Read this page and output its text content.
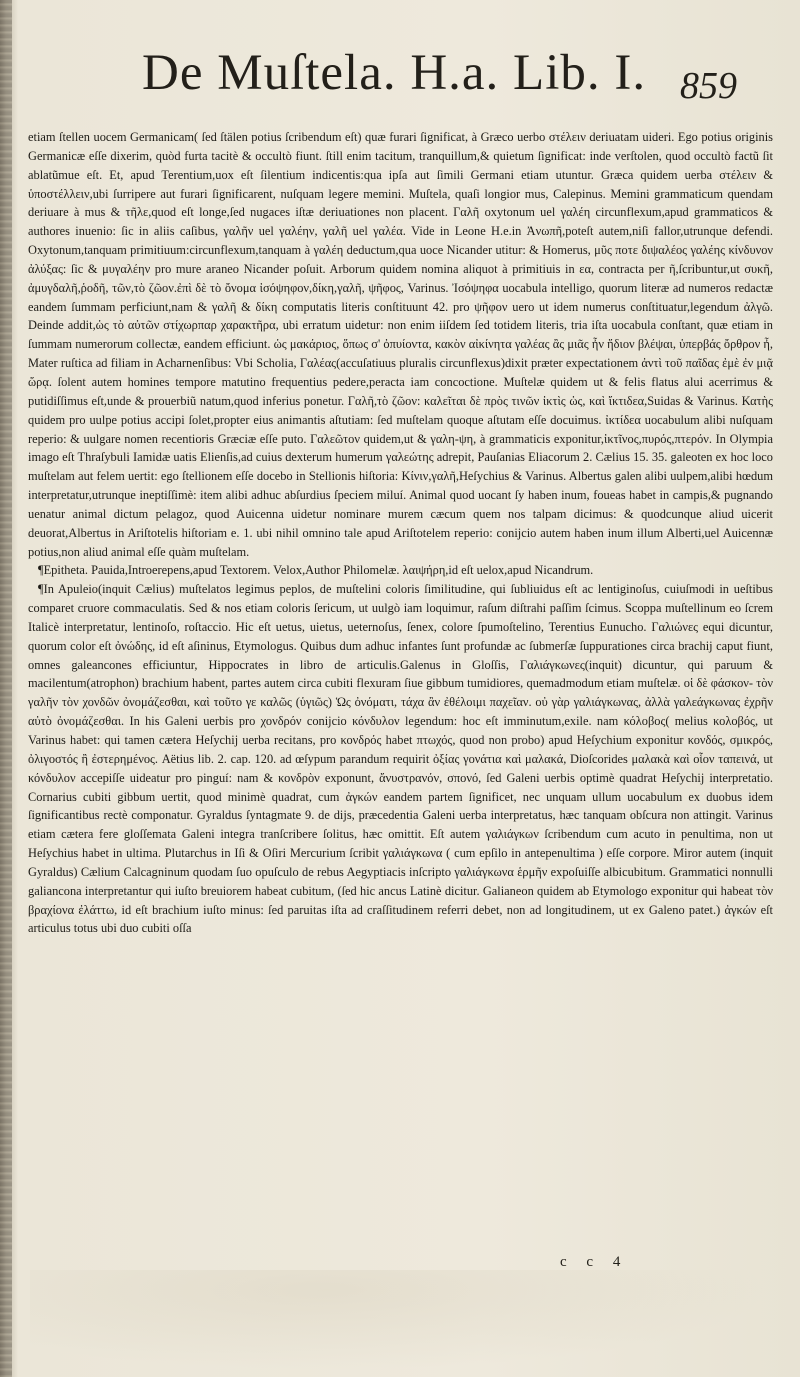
De Muſtela. H.a. Lib. I. 859

etiam ſtellen uocem Germanicam( ſed ſtälen potius ſcribendum eſt) quæ furari ſignificat, à Græco uerbo στέλειν deriuatam uideri. Ego potius originis Germanicæ eſſe dixerim, quòd furta tacitè & occultò fiunt. ſtill enim tacitum, tranquillum,& quietum ſignificat: inde verſtolen, quod occultò factũ ſit ablatũmue eſt. Et, apud Terentium,uox eſt ſilentium indicentis:qua ipſa aut ſimili Germani etiam utuntur. Græca quidem uerba στέλειν & ὑποστέλλειν,ubi ſurripere aut furari ſignificarent, nuſquam legere memini. Muſtela, quaſi longior mus, Calepinus. Memini grammaticum quendam deriuare à mus & τῆλε,quod eſt longe,ſed nugaces iſtæ deriuationes non placent. Γαλῆ oxytonum uel γαλέη circunflexum,apud grammaticos & authores inuenio: ſic in aliis caſibus, γαλῆν uel γαλέην, γαλῆ uel γαλέα. Vide in Leone H.e.in Ἀνωπῆ,poteſt autem,niſi fallor,utrunque defendi. Oxytonum,tanquam primitiuum:circunflexum,tanquam à γαλέη deductum,qua uoce Nicander utitur: & Homerus, μῦς ποτε διψαλέος γαλέης κίνδυνον ἀλύξας: ſic & μυγαλέην pro mure araneo Nicander poſuit. Arborum quidem nomina aliquot à primitiuis in εα, contracta per ῆ,ſcribuntur,ut συκῆ, ἀμυγδαλῆ,ῥοδῆ, τῶν,τὸ ζῶον.ἐπὶ δὲ τὸ ὄνομα ἰσόψηφον,δίκη,γαλῆ, ψῆφος, Varinus. Ἰσόψηφα uocabula intelligo, quorum literæ ad numeros redactæ eandem ſummam perficiunt,nam & γαλῆ & δίκη computatis literis conſtituunt 42. pro ψῆφον uero ut idem numerus conſtituatur,legendum ἀλγῶ. Deinde addit,ὡς τὸ αὐτῶν στίχωρπαρ χαρακτῆρα, ubi erratum uidetur: non enim iiſdem ſed totidem literis, tria iſta uocabula conſtant, quæ etiam in ſummam numerorum collectæ, eandem efficiunt. ὡς μακάριος, ὅπως σ' ὀπυίοντα, κακὸν αἰκίνητα γαλέας ἂς μιᾶς ἦν ἥδιον βλέψαι, ὑπερβάς ὄρθρον ἦ, Mater ruſtica ad filiam in Acharnenſibus: Vbi Scholia, Γαλέας(accuſatiuus pluralis circunflexus)dixit præter expectationem ἀντὶ τοῦ παῖδας ἐμὲ ἐν μιᾷ ὥρᾳ. ſolent autem homines tempore matutino frequentius pedere,peracta iam concoctione. Muſtelæ quidem ut & felis flatus alui acerrimus & putidiſſimus eſt,unde & prouerbiũ natum,quod inferius ponetur. Γαλῆ,τὸ ζῶον: καλεῖται δὲ πρὸς τινῶν ἰκτὶς ὡς, καὶ ἴκτιδεα,Suidas & Varinus. Κατὴς quidem pro uulpe potius accipi ſolet,propter eius animantis aſtutiam: ſed muſtelam quoque aſtutam eſſe docuimus. ἰκτίδεα uocabulum alibi nuſquam reperio: & uulgare nomen recentioris Græciæ eſſe puto. Γαλεῶτον quidem,ut & γαλη-ψη, à grammaticis exponitur,ἰκτῖνος,πυρός,πτερόν. In Olympia imago eſt Thraſybuli Iamidæ uatis Elienſis,ad cuius dexterum humerum γαλεώτης adrepit, Pauſanias Eliacorum 2. Cælius 15. 35. galeoten ex hoc loco muſtelam aut felem uertit: ego ſtellionem eſſe docebo in Stellionis hiſtoria: Κίνιν,γαλῆ,Heſychius & Varinus. Albertus galen alibi uulpem,alibi hœdum interpretatur,utrunque ineptiſſimè: item alibi adhuc abſurdius ſpeciem miluí. Animal quod uocant ſy haben inum, foueas habet in campis,& pugnando uenatur animal dictum pelagoz, quod Auicenna uidetur nominare murem cæcum quem nos talpam dicimus: & quodcunque aliud uicerit deuorat,Albertus in Ariſtotelis hiſtoriam e. 1. ubi nihil omnino tale apud Ariſtotelem reperio: conijcio autem haben inum illum Alberti,uel Auicennæ potius,non aliud animal eſſe quàm muſtelam.

¶Epitheta. Pauida,Introerepens,apud Textorem. Velox,Author Philomelæ. λαιψήρη,id eſt uelox,apud Nicandrum.

¶In Apuleio(inquit Cælius) muſtelatos legimus peplos, de muſtelini coloris ſimilitudine, qui ſubliuidus eſt ac lentiginoſus, cuiuſmodi in ueſtibus comparet cruore commaculatis. Sed & nos etiam coloris ſericum, ut uulgò iam loquimur, raſum diſtrahi paſſim ſcimus. Scoppa muſtellinum eo ſcrem Italicè interpretatur, lentinoſo, roſtaccio. Hic eſt uetus, uietus, ueternoſus, ſenex, colore ſpumoſtelino, Terentius Eunucho. Γαλιώνες equi dicuntur, quorum color eſt ὀνώδης, id eſt aſininus, Etymologus. Quibus dum adhuc infantes ſunt profundæ ac ſubmerſæ ſuppurationes circa brachij caput fiunt, omnes galeancones efficiuntur, Hippocrates in libro de articulis.Galenus in Gloſſis, Γαλιάγκωνες(inquit) dicuntur, qui paruum & macilentum(atrophon) brachium habent, partes autem circa cubiti flexuram ſiue gibbum tumidiores, quemadmodum etiam muſtelæ. οἱ δὲ φάσκον- τὸν γαλῆν τὸν χονδῶν ὀνομάζεσθαι, καὶ τοῦτο γε καλῶς (ὑγιῶς) Ὡς ὀνόματι, τάχα ἂν ἐθέλοιμι παχεῖαν. οὐ γὰρ γαλιάγκωνας, ἀλλὰ γαλεάγκωνας ἐχρῆν αὐτὸ ὀνομάζεσθαι. In his Galeni uerbis pro χονδρόν conijcio κόνδυλον legendum: hoc eſt imminutum,exile. nam κόλοβος( melius κολοβός, ut Varinus habet: qui tamen cætera Heſychij uerba recitans, pro κονδρός habet πτωχός, quod non probo) apud Heſychium exponitur κονδός, σμικρός, ὀλιγοστός ἢ ἐστερημένος. Aëtius lib. 2. cap. 120. ad œſypum parandum requirit ὀξίας γονάτια καὶ μαλακά, Dioſcorides μαλακὰ καὶ οἷον ταπεινά, ut κόνδυλον accepiſſe uideatur pro pinguí: nam & κονδρὸν exponunt, ἄνυστρανόν, σπονό, ſed Galeni uerbis optimè quadrat Heſychij interpretatio. Cornarius cubiti gibbum uertit, quod minimè quadrat, cum ἀγκών eandem partem ſignificet, nec unquam ullum uocabulum ex duobus idem ſignificantibus rectè componatur. Gyraldus ſyntagmate 9. de dijs, præcedentia Galeni uerba interpretatus, hæc tanquam obſcura non attingit. Varinus etiam cætera fere gloſſemata Galeni integra tranſcribere ſolitus, hæc omittit. Eſt autem γαλιάγκων ſcribendum cum acuto in penultima, non ut Heſychius habet in ultima. Plutarchus in Iſi & Oſiri Mercurium ſcribit γαλιάγκωνα ( cum epſilo in antepenultima ) eſſe corpore. Miror autem (inquit Gyraldus) Cælium Calcagninum quodam ſuo opuſculo de rebus Aegyptiacis inſcripto γαλιάγκωνα ἑρμῆν expoſuiſſe albicubitum. Grammatici nonnulli galiancona interpretantur qui iuſto breuiorem habeat cubitum, (ſed hic ancus Latinè dicitur. Galianeon quidem ab Etymologo exponitur qui habeat τὸν βραχίονα ἐλάττω, id eſt brachium iuſto minus: ſed paruitas iſta ad craſſitudinem referri debet, non ad longitudinem, ut ex Galeno patet.) ἀγκών eſt articulus totus ubi duo cubiti oſſa

c c 4
